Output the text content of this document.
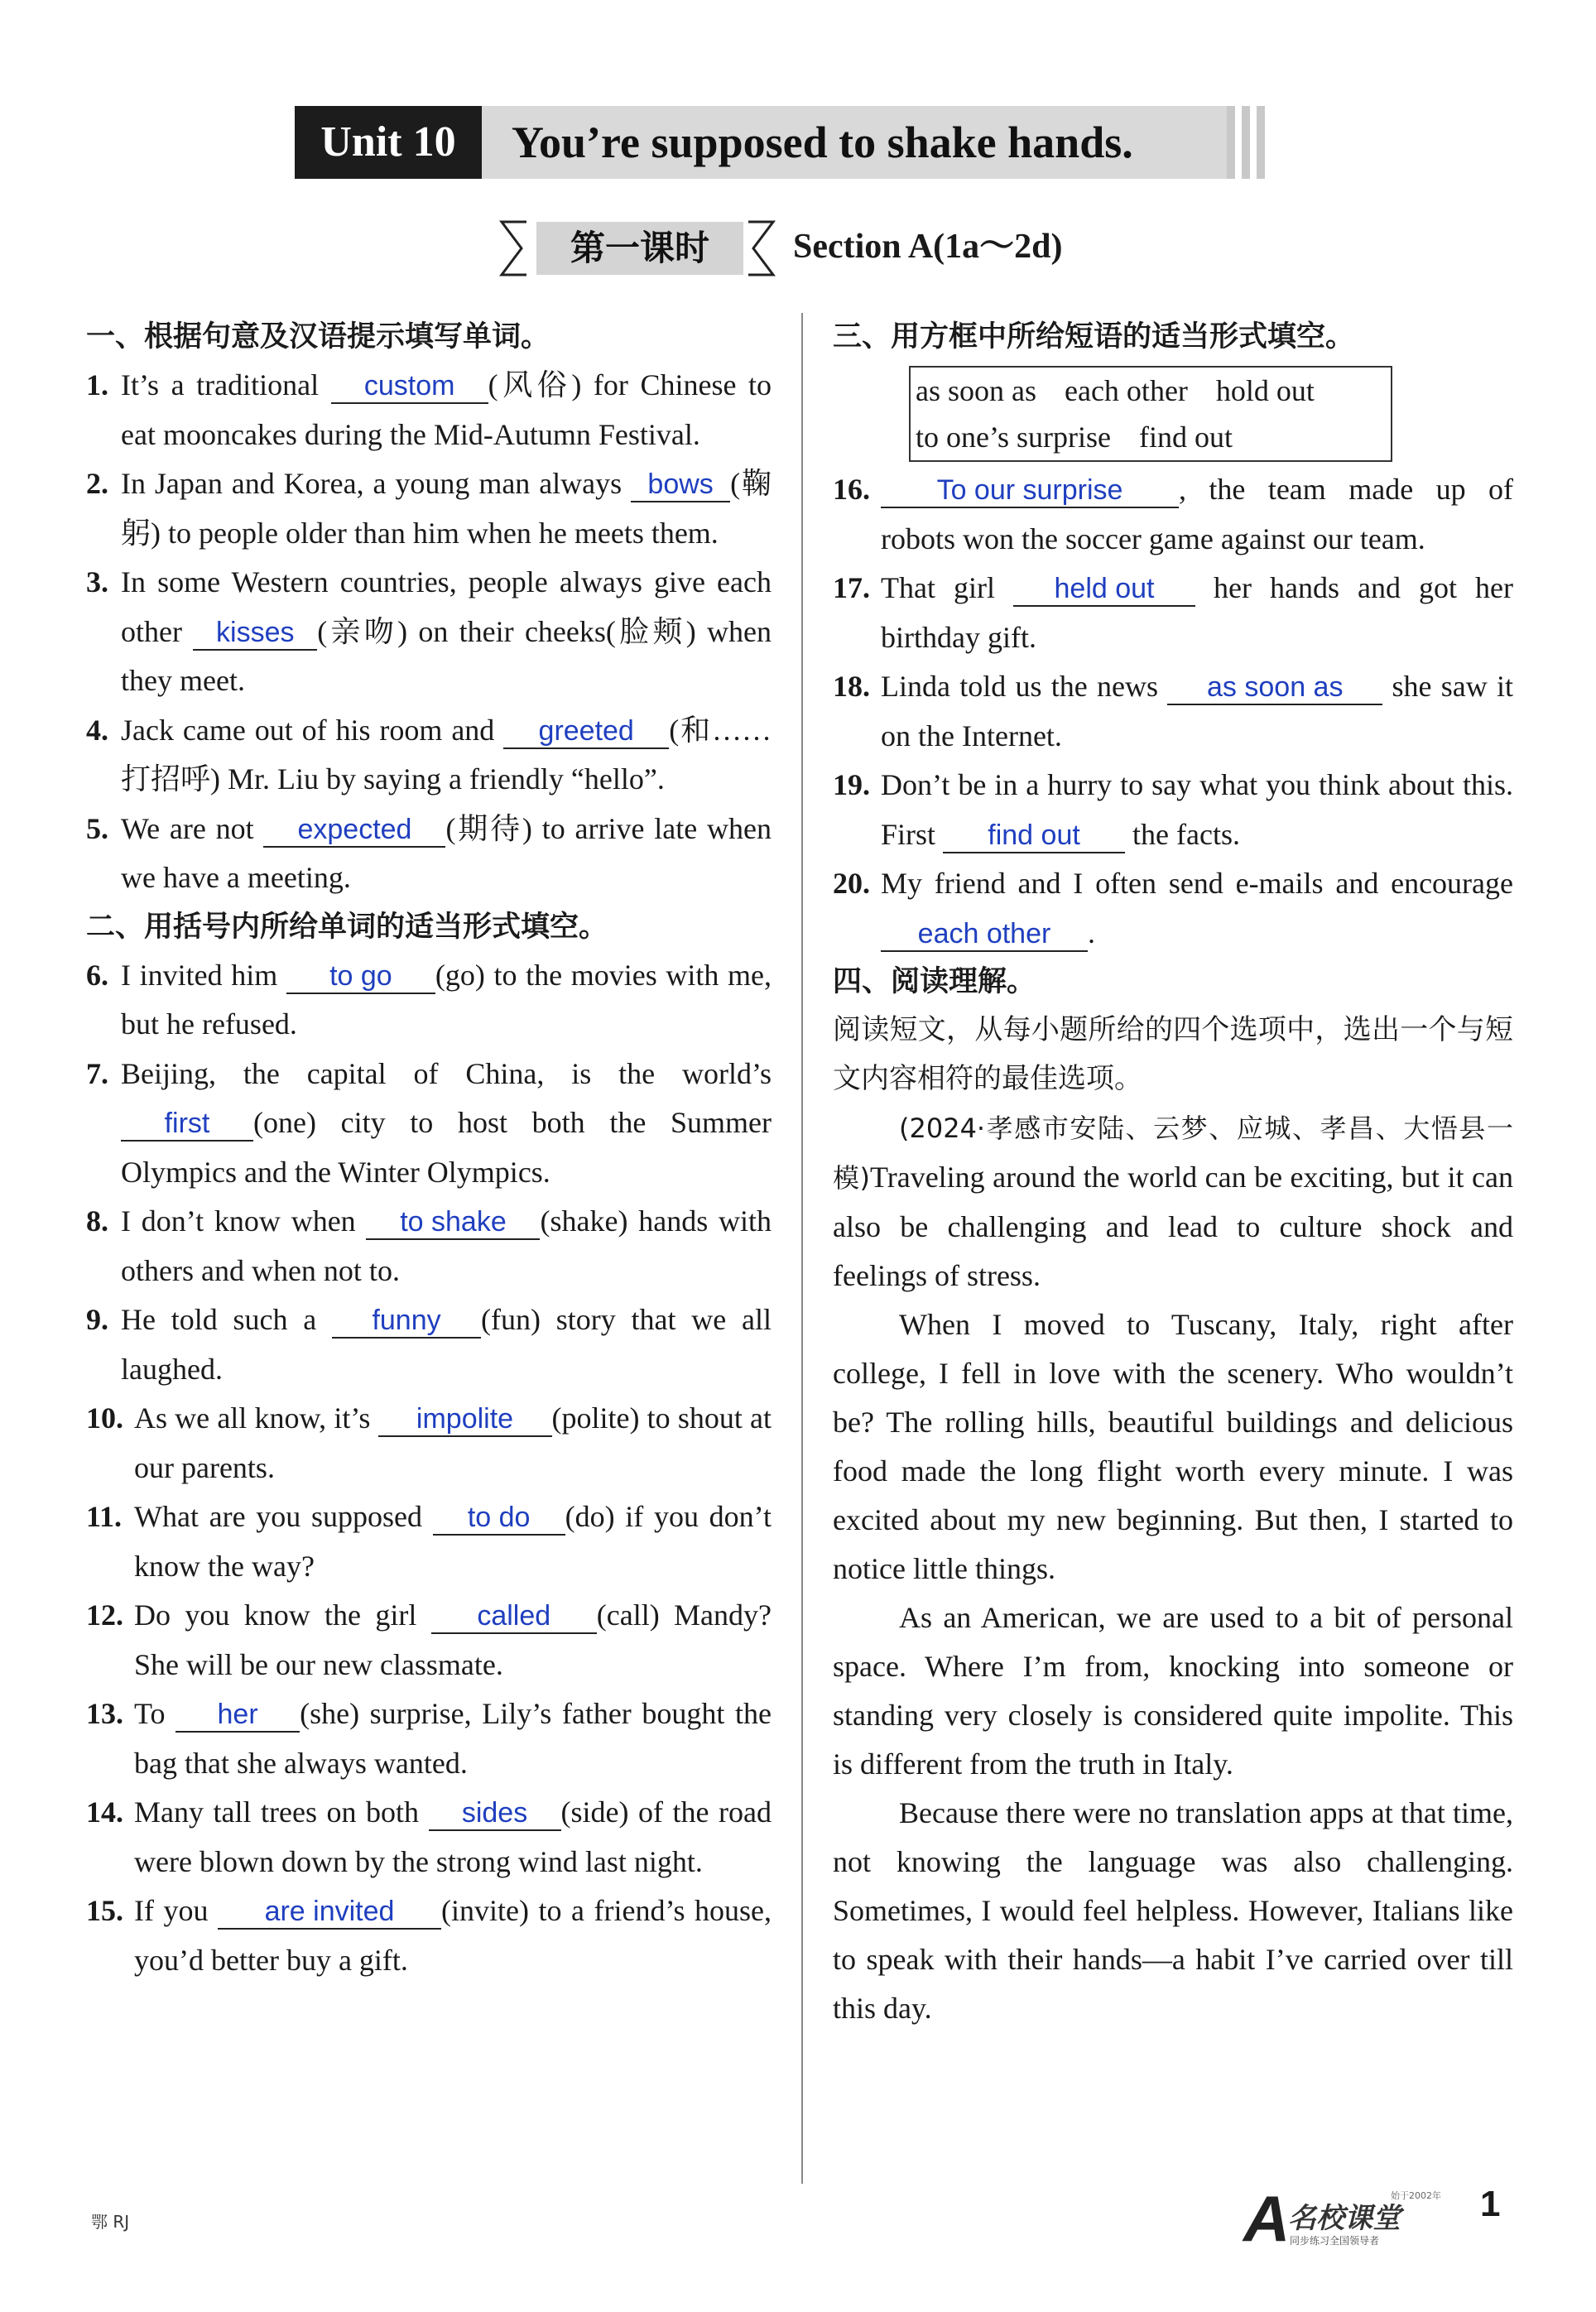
Unit 10	You’re supposed to shake hands.
第一课时	Section A(1a～2d)
一、根据句意及汉语提示填写单词。
1. It’s a traditional custom (风俗) for Chinese to eat mooncakes during the Mid-Autumn Festival.
2. In Japan and Korea, a young man always bows (鞠躬) to people older than him when he meets them.
3. In some Western countries, people always give each other kisses (亲吻) on their cheeks(脸颊) when they meet.
4. Jack came out of his room and greeted (和……打招呼) Mr. Liu by saying a friendly “hello”.
5. We are not expected (期待) to arrive late when we have a meeting.
二、用括号内所给单词的适当形式填空。
6. I invited him to go (go) to the movies with me, but he refused.
7. Beijing, the capital of China, is the world’s first (one) city to host both the Summer Olympics and the Winter Olympics.
8. I don’t know when to shake (shake) hands with others and when not to.
9. He told such a funny (fun) story that we all laughed.
10. As we all know, it’s impolite (polite) to shout at our parents.
11. What are you supposed to do (do) if you don’t know the way?
12. Do you know the girl called (call) Mandy? She will be our new classmate.
13. To her (she) surprise, Lily’s father bought the bag that she always wanted.
14. Many tall trees on both sides (side) of the road were blown down by the strong wind last night.
15. If you are invited (invite) to a friend’s house, you’d better buy a gift.
三、用方框中所给短语的适当形式填空。
as soon as each other hold out
to one’s surprise find out
16.	To our surprise , the team made up of robots won the soccer game against our team.
17. That girl held out her hands and got her birthday gift.
18. Linda told us the news as soon as she saw it on the Internet.
19. Don’t be in a hurry to say what you think about this. First find out the facts.
20. My friend and I often send e-mails and encourage each other .
四、阅读理解。
阅读短文，从每小题所给的四个选项中，选出一个与短文内容相符的最佳选项。
(2024·孝感市安陆、云梦、应城、孝昌、大悟县一模)Traveling around the world can be exciting, but it can also be challenging and lead to culture shock and feelings of stress.
When I moved to Tuscany, Italy, right after college, I fell in love with the scenery. Who wouldn’t be? The rolling hills, beautiful buildings and delicious food made the long flight worth every minute. I was excited about my new beginning. But then, I started to notice little things.
As an American, we are used to a bit of personal space. Where I’m from, knocking into someone or standing very closely is considered quite impolite. This is different from the truth in Italy.
Because there were no translation apps at that time, not knowing the language was also challenging. Sometimes, I would feel helpless. However, Italians like to speak with their hands—a habit I’ve carried over till this day.
鄂 RJ	A
名校课堂
始于2002年
同步练习全国领导者
1
